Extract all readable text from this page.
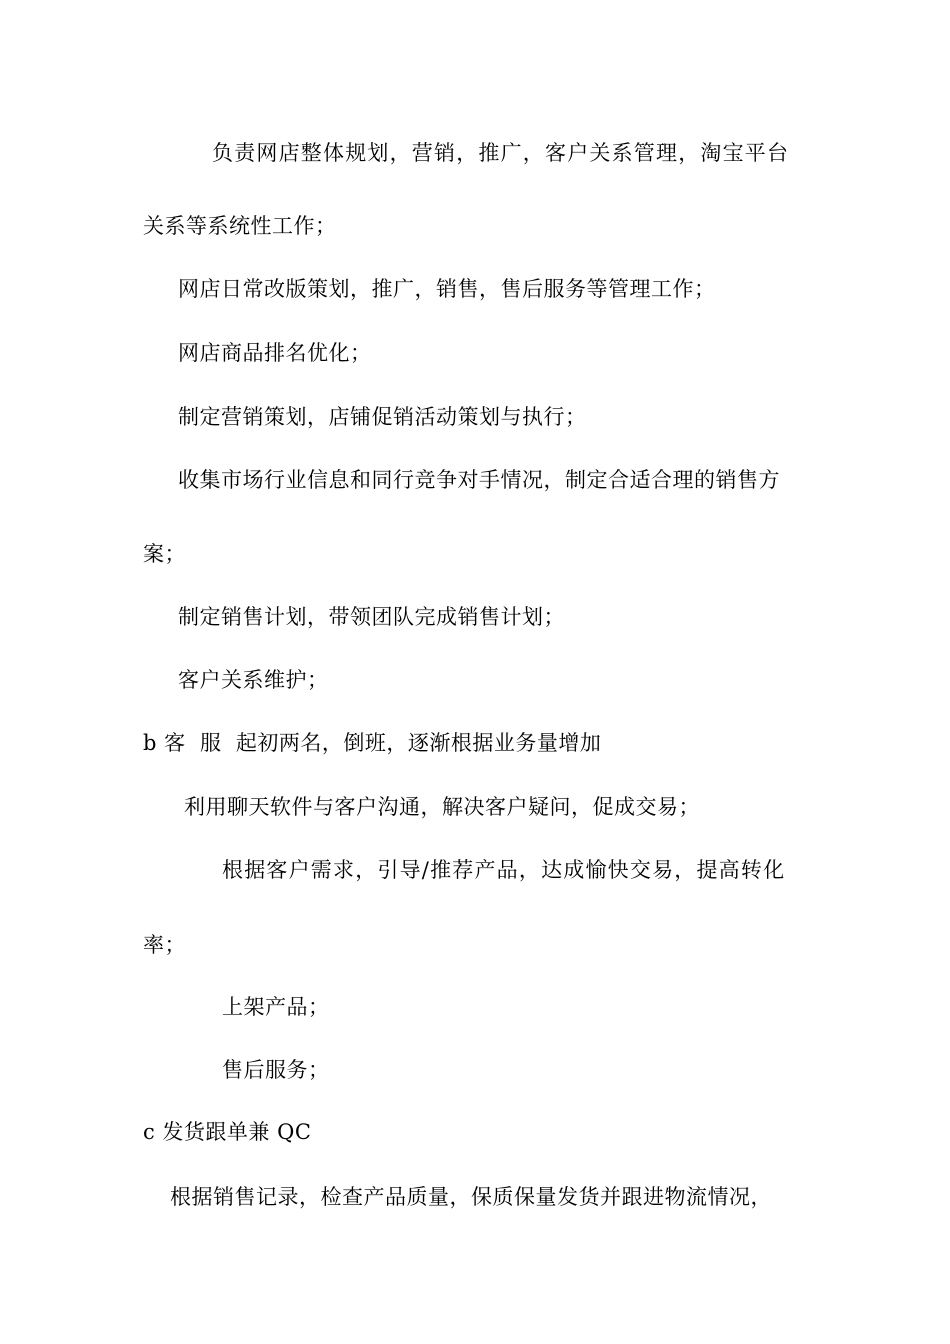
负责网店整体规划，营销，推广，客户关系管理，淘宝平台
关系等系统性工作；
网店日常改版策划，推广，销售，售后服务等管理工作；
网店商品排名优化；
制定营销策划，店铺促销活动策划与执行；
收集市场行业信息和同行竞争对手情况，制定合适合理的销售方
案；
制定销售计划，带领团队完成销售计划；
客户关系维护；
b 客  服  起初两名，倒班，逐渐根据业务量增加
利用聊天软件与客户沟通，解决客户疑问，促成交易；
根据客户需求，引导/推荐产品，达成愉快交易，提高转化
率；
上架产品；
售后服务；
c 发货跟单兼 QC
根据销售记录，检查产品质量，保质保量发货并跟进物流情况，
